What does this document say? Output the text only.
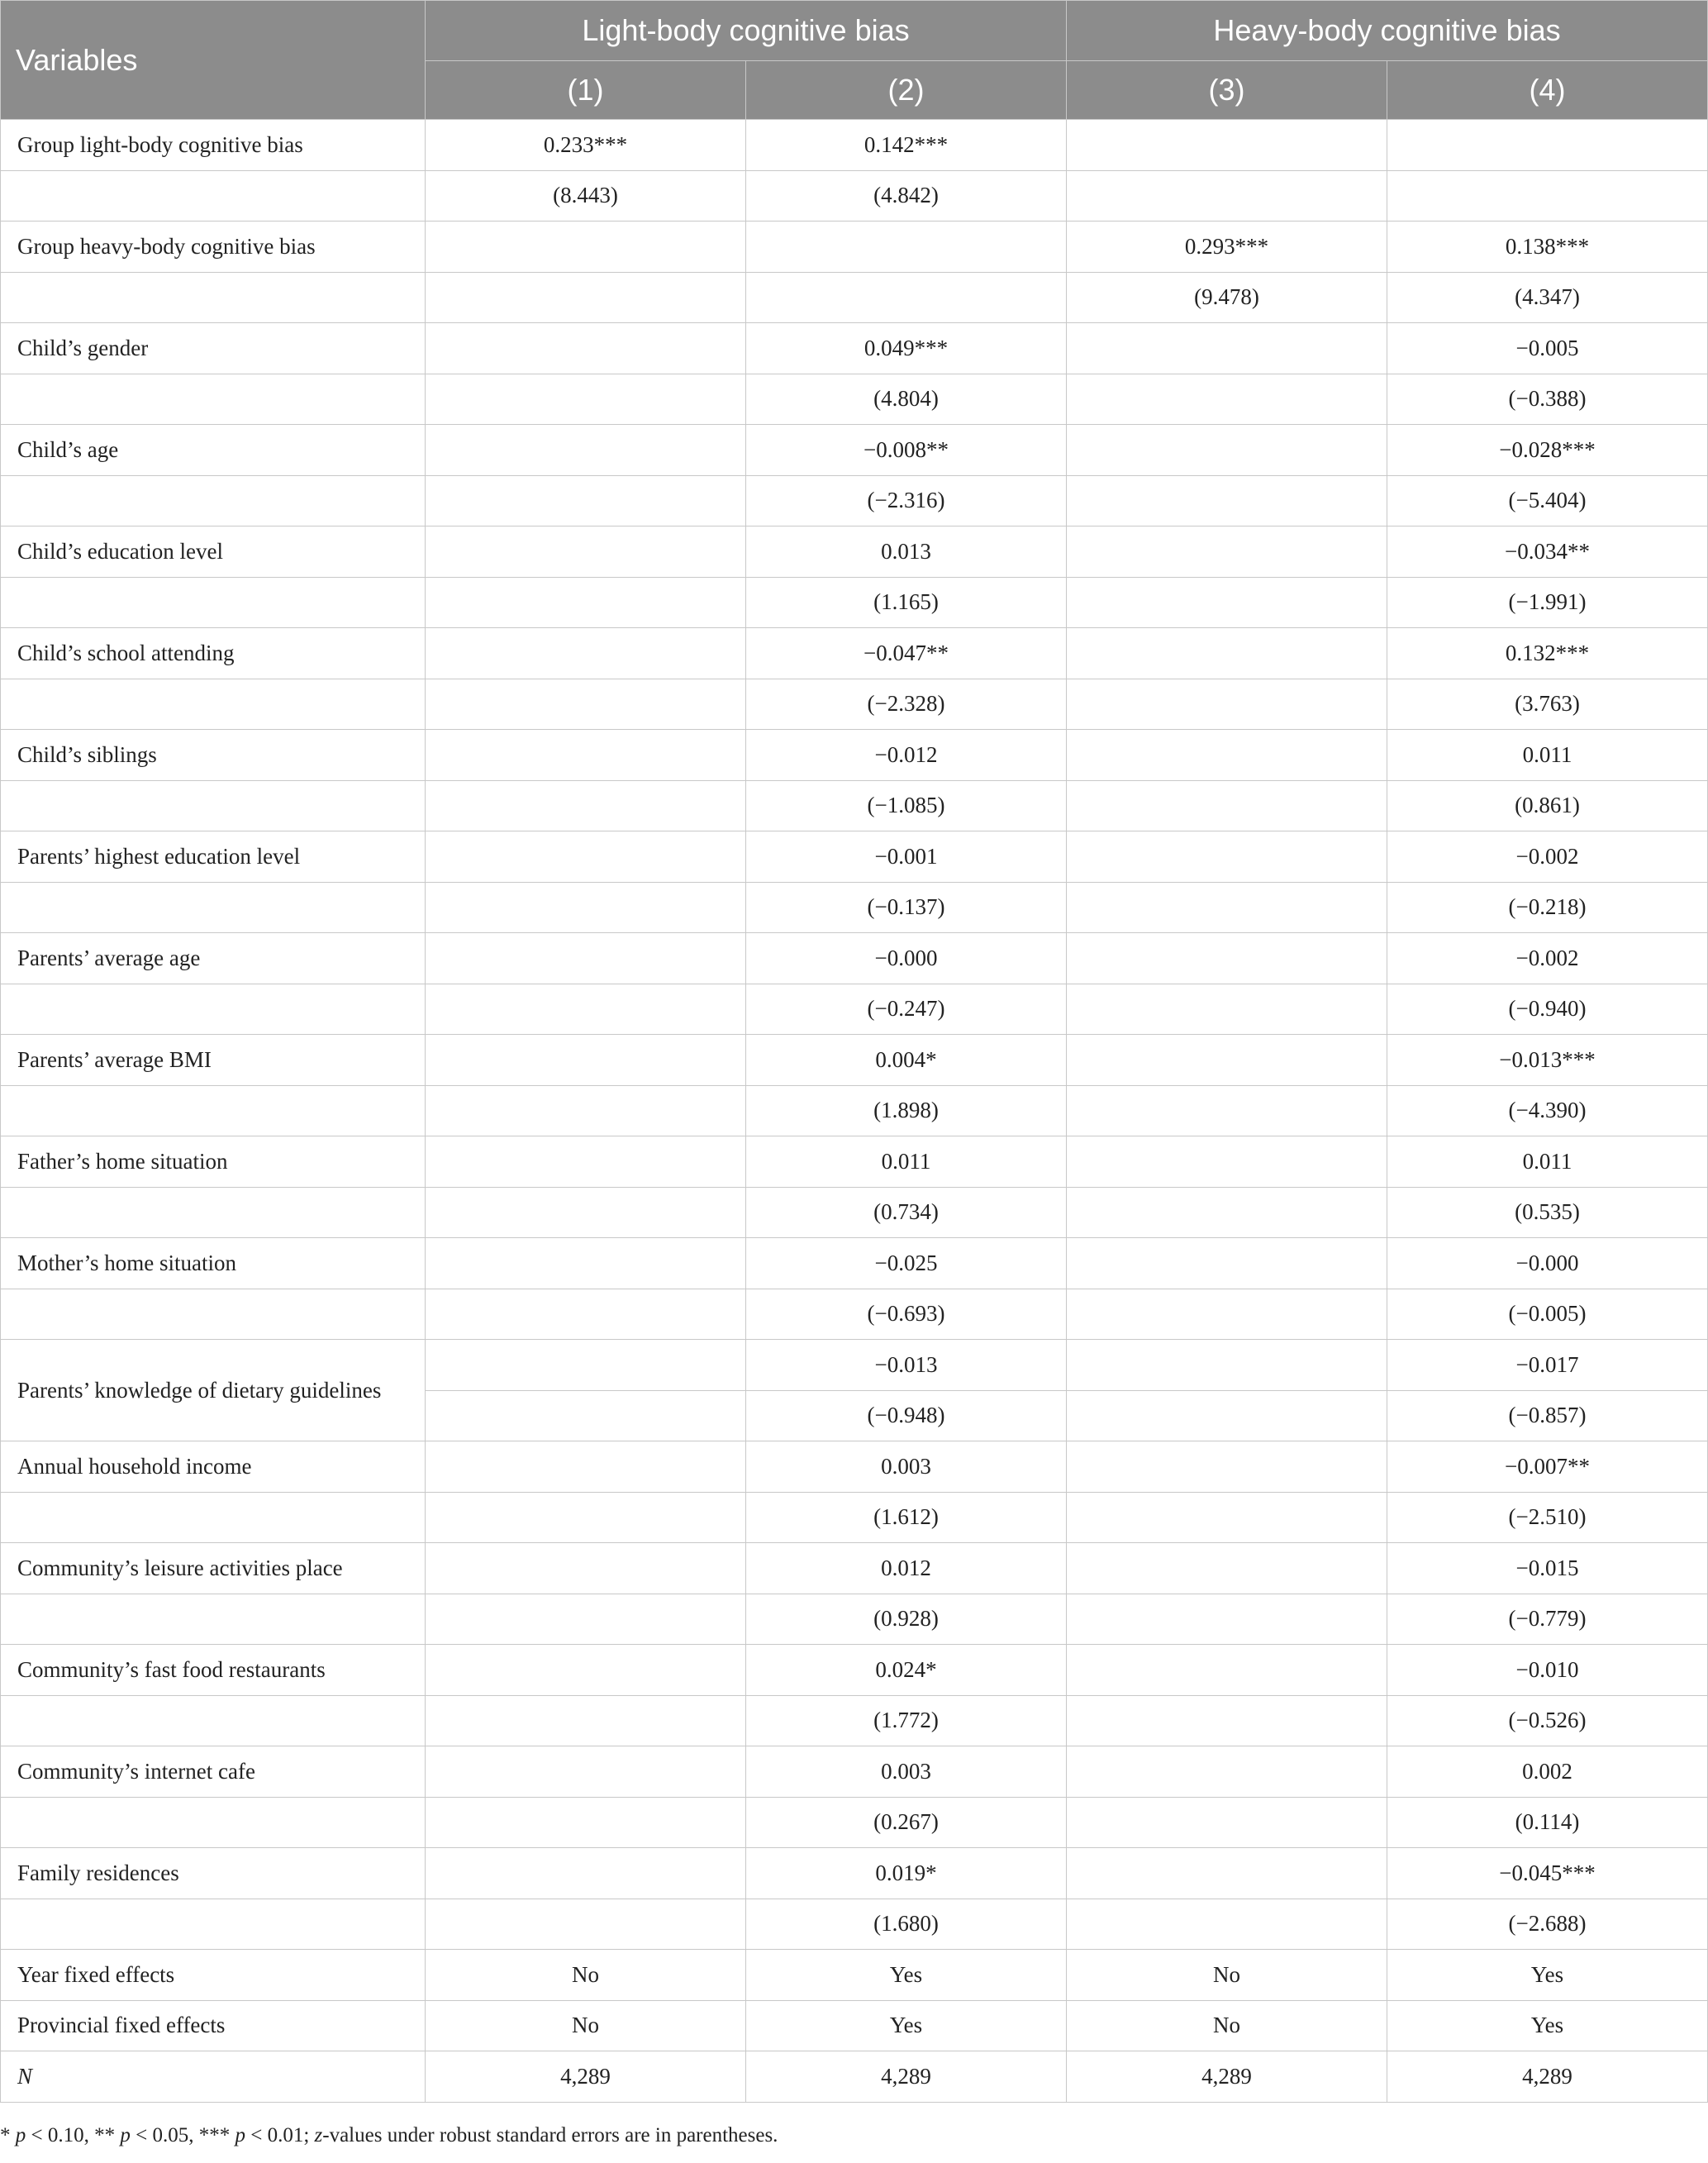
Variables	Light-body cognitive bias		Heavy-body cognitive bias	
	(1)	(2)	(3)	(4)
Group light-body cognitive bias	0.233***	0.142***		
	(8.443)	(4.842)		
Group heavy-body cognitive bias			0.293***	0.138***
			(9.478)	(4.347)
Child’s gender		0.049***		−0.005
		(4.804)		(−0.388)
Child’s age		−0.008**		−0.028***
		(−2.316)		(−5.404)
Child’s education level		0.013		−0.034**
		(1.165)		(−1.991)
Child’s school attending		−0.047**		0.132***
		(−2.328)		(3.763)
Child’s siblings		−0.012		0.011
		(−1.085)		(0.861)
Parents’ highest education level		−0.001		−0.002
		(−0.137)		(−0.218)
Parents’ average age		−0.000		−0.002
		(−0.247)		(−0.940)
Parents’ average BMI		0.004*		−0.013***
		(1.898)		(−4.390)
Father’s home situation		0.011		0.011
		(0.734)		(0.535)
Mother’s home situation		−0.025		−0.000
		(−0.693)		(−0.005)
Parents’ knowledge of dietary guidelines		−0.013		−0.017
		(−0.948)		(−0.857)
Annual household income		0.003		−0.007**
		(1.612)		(−2.510)
Community’s leisure activities place		0.012		−0.015
		(0.928)		(−0.779)
Community’s fast food restaurants		0.024*		−0.010
		(1.772)		(−0.526)
Community’s internet cafe		0.003		0.002
		(0.267)		(0.114)
Family residences		0.019*		−0.045***
		(1.680)		(−2.688)
Year fixed effects	No	Yes	No	Yes
Provincial fixed effects	No	Yes	No	Yes
N	4,289	4,289	4,289	4,289
* p < 0.10, ** p < 0.05, *** p < 0.01; z-values under robust standard errors are in parentheses.
